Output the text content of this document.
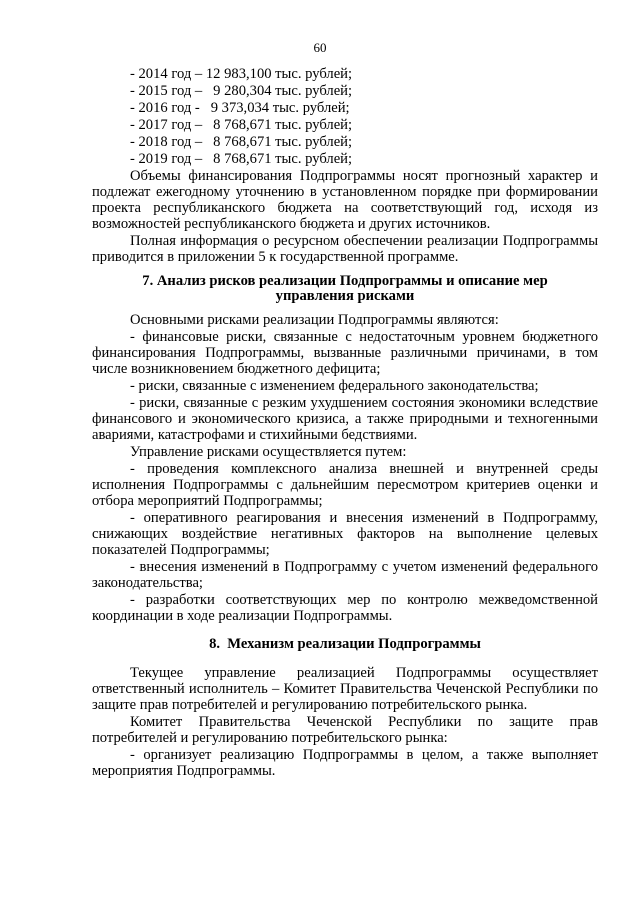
60
- 2014 год – 12 983,100 тыс. рублей;
- 2015 год –   9 280,304 тыс. рублей;
- 2016 год -   9 373,034 тыс. рублей;
- 2017 год –   8 768,671 тыс. рублей;
- 2018 год –   8 768,671 тыс. рублей;
- 2019 год –   8 768,671 тыс. рублей;

Объемы финансирования Подпрограммы носят прогнозный характер и подлежат ежегодному уточнению в установленном порядке при формировании проекта республиканского бюджета на соответствующий год, исходя из возможностей республиканского бюджета и других источников.

Полная информация о ресурсном обеспечении реализации Подпрограммы приводится в приложении 5 к государственной программе.

7. Анализ рисков реализации Подпрограммы и описание мер
управления рисками

Основными рисками реализации Подпрограммы являются:

- финансовые риски, связанные с недостаточным уровнем бюджетного финансирования Подпрограммы, вызванные различными причинами, в том числе возникновением бюджетного дефицита;

- риски, связанные с изменением федерального законодательства;

- риски, связанные с резким ухудшением состояния экономики вследствие финансового и экономического кризиса, а также природными и техногенными авариями, катастрофами и стихийными бедствиями.

Управление рисками осуществляется путем:

- проведения комплексного анализа внешней и внутренней среды исполнения Подпрограммы с дальнейшим пересмотром критериев оценки и отбора мероприятий Подпрограммы;

- оперативного реагирования и внесения изменений в Подпрограмму, снижающих воздействие негативных факторов на выполнение целевых показателей Подпрограммы;

- внесения изменений в Подпрограмму с учетом изменений федерального законодательства;

- разработки соответствующих мер по контролю межведомственной координации в ходе реализации Подпрограммы.

8.  Механизм реализации Подпрограммы

Текущее управление реализацией Подпрограммы осуществляет ответственный исполнитель – Комитет Правительства Чеченской Республики по защите прав потребителей и регулированию потребительского рынка.

Комитет Правительства Чеченской Республики по защите прав потребителей и регулированию потребительского рынка:

- организует реализацию Подпрограммы в целом, а также выполняет мероприятия Подпрограммы.
